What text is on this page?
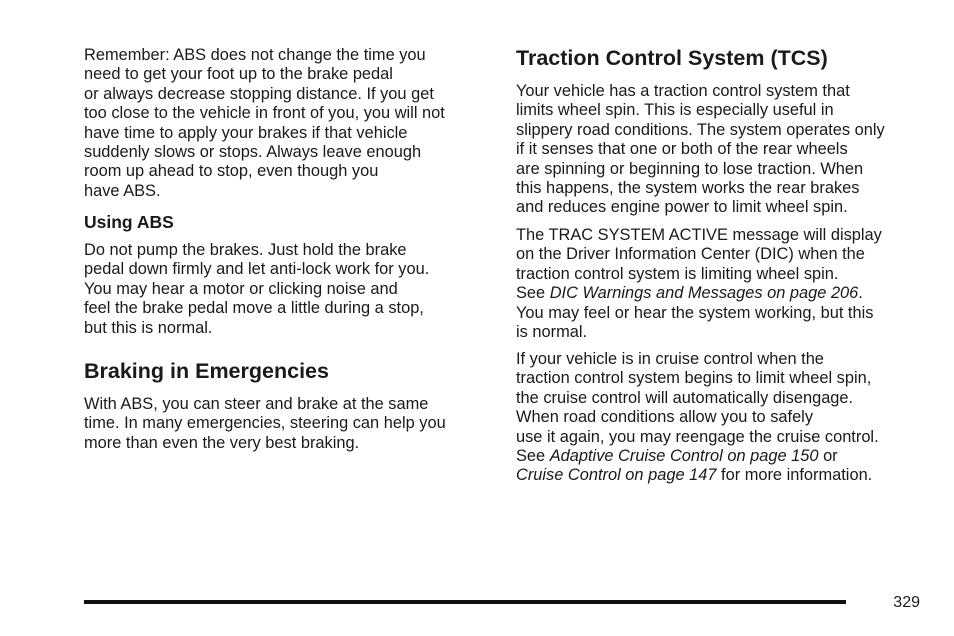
Remember: ABS does not change the time you
need to get your foot up to the brake pedal
or always decrease stopping distance. If you get
too close to the vehicle in front of you, you will not
have time to apply your brakes if that vehicle
suddenly slows or stops. Always leave enough
room up ahead to stop, even though you
have ABS.

Using ABS

Do not pump the brakes. Just hold the brake
pedal down firmly and let anti-lock work for you.
You may hear a motor or clicking noise and
feel the brake pedal move a little during a stop,
but this is normal.

Braking in Emergencies

With ABS, you can steer and brake at the same
time. In many emergencies, steering can help you
more than even the very best braking.

Traction Control System (TCS)

Your vehicle has a traction control system that
limits wheel spin. This is especially useful in
slippery road conditions. The system operates only
if it senses that one or both of the rear wheels
are spinning or beginning to lose traction. When
this happens, the system works the rear brakes
and reduces engine power to limit wheel spin.

The TRAC SYSTEM ACTIVE message will display
on the Driver Information Center (DIC) when the
traction control system is limiting wheel spin.
See DIC Warnings and Messages on page 206.
You may feel or hear the system working, but this
is normal.

If your vehicle is in cruise control when the
traction control system begins to limit wheel spin,
the cruise control will automatically disengage.
When road conditions allow you to safely
use it again, you may reengage the cruise control.
See Adaptive Cruise Control on page 150 or
Cruise Control on page 147 for more information.

329
